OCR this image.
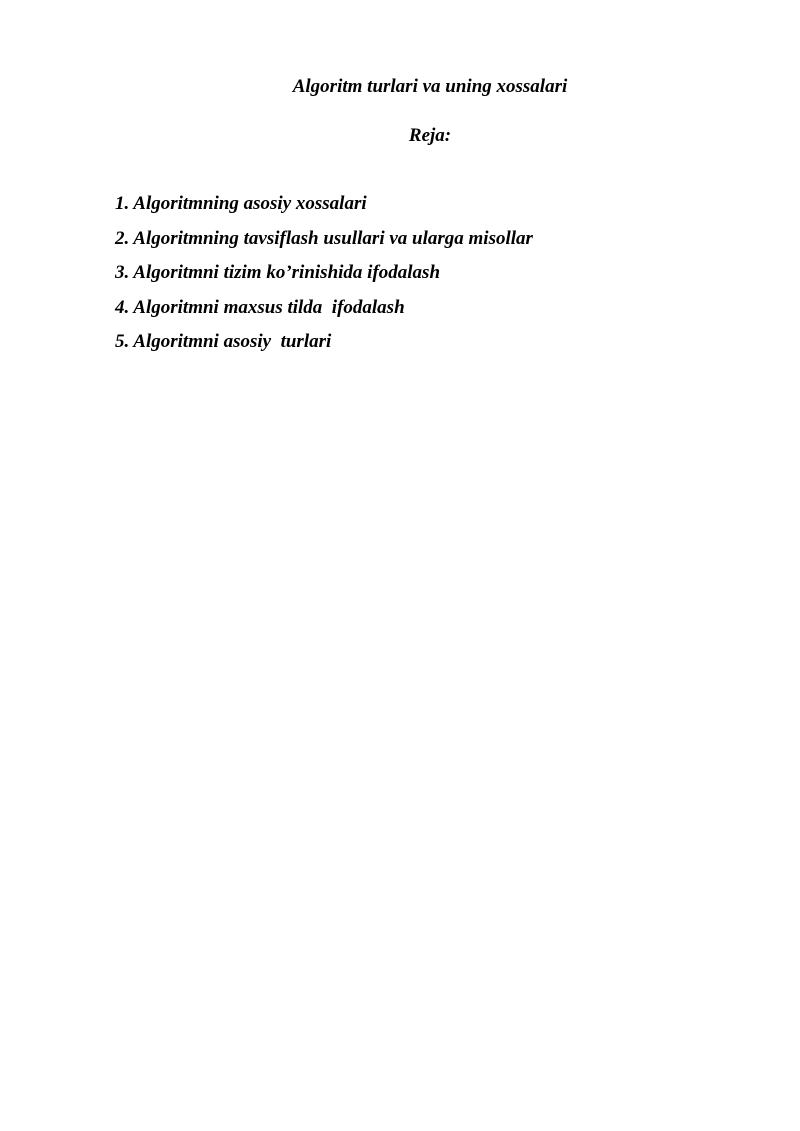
Algoritm turlari va uning xossalari
Reja:
1. Algoritmning asosiy xossalari
2. Algoritmning tavsiflash usullari va ularga misollar
3. Algoritmni tizim ko’rinishida ifodalash
4. Algoritmni maxsus tilda  ifodalash
5. Algoritmni asosiy  turlari
